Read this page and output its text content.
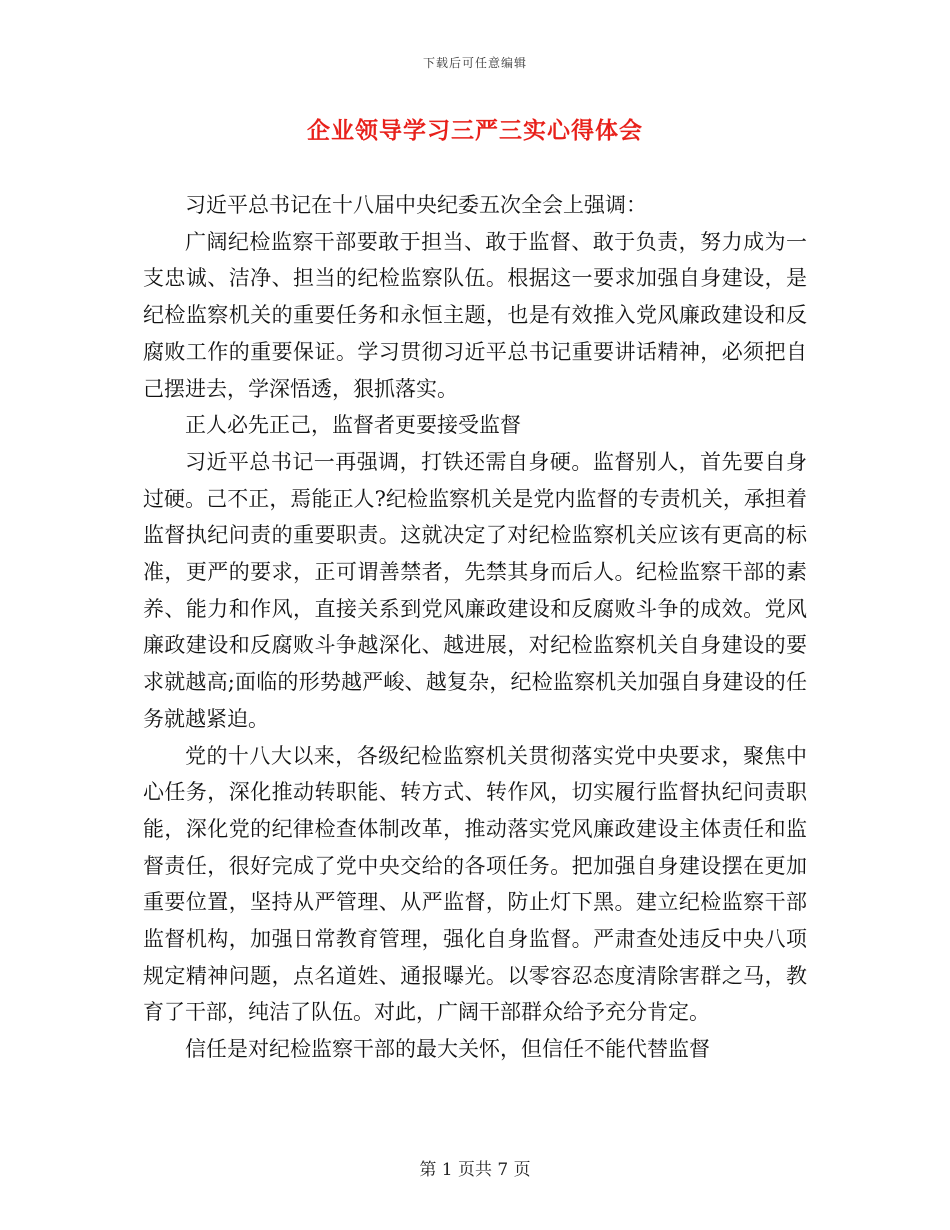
下载后可任意编辑
企业领导学习三严三实心得体会

习近平总书记在十八届中央纪委五次全会上强调：

广阔纪检监察干部要敢于担当、敢于监督、敢于负责，努力成为一支忠诚、洁净、担当的纪检监察队伍。根据这一要求加强自身建设，是纪检监察机关的重要任务和永恒主题，也是有效推入党风廉政建设和反腐败工作的重要保证。学习贯彻习近平总书记重要讲话精神，必须把自己摆进去，学深悟透，狠抓落实。

正人必先正己，监督者更要接受监督

习近平总书记一再强调，打铁还需自身硬。监督别人，首先要自身过硬。己不正，焉能正人?纪检监察机关是党内监督的专责机关，承担着监督执纪问责的重要职责。这就决定了对纪检监察机关应该有更高的标准，更严的要求，正可谓善禁者，先禁其身而后人。纪检监察干部的素养、能力和作风，直接关系到党风廉政建设和反腐败斗争的成效。党风廉政建设和反腐败斗争越深化、越进展，对纪检监察机关自身建设的要求就越高;面临的形势越严峻、越复杂，纪检监察机关加强自身建设的任务就越紧迫。

党的十八大以来，各级纪检监察机关贯彻落实党中央要求，聚焦中心任务，深化推动转职能、转方式、转作风，切实履行监督执纪问责职能，深化党的纪律检查体制改革，推动落实党风廉政建设主体责任和监督责任，很好完成了党中央交给的各项任务。把加强自身建设摆在更加重要位置，坚持从严管理、从严监督，防止灯下黑。建立纪检监察干部监督机构，加强日常教育管理，强化自身监督。严肃查处违反中央八项规定精神问题，点名道姓、通报曝光。以零容忍态度清除害群之马，教育了干部，纯洁了队伍。对此，广阔干部群众给予充分肯定。

信任是对纪检监察干部的最大关怀，但信任不能代替监督

第 1 页共 7 页
